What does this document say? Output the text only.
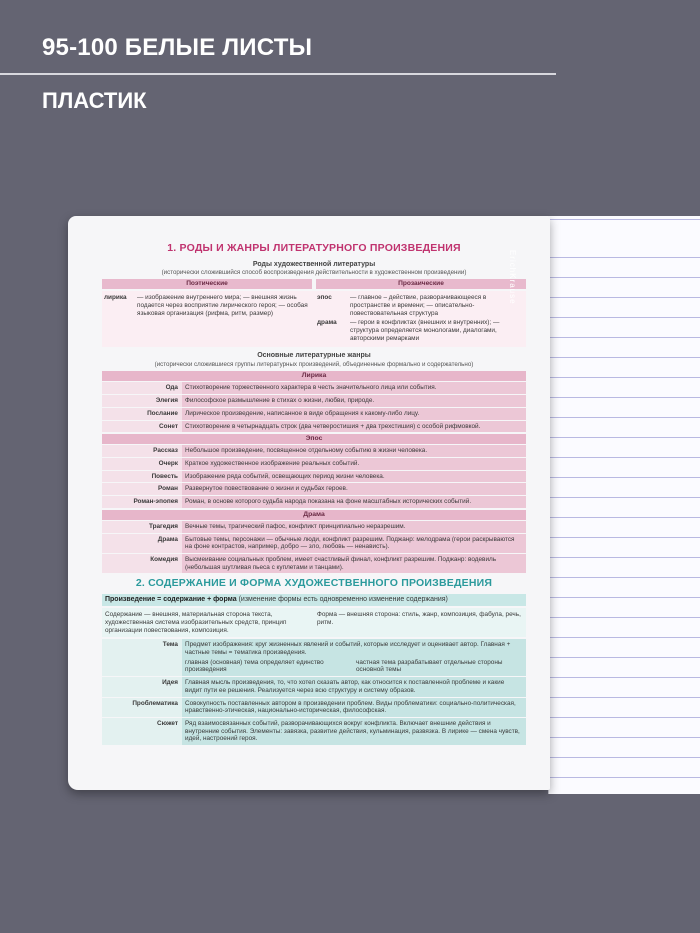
95-100 БЕЛЫЕ ЛИСТЫ
ПЛАСТИК
1. РОДЫ И ЖАНРЫ ЛИТЕРАТУРНОГО ПРОИЗВЕДЕНИЯ
Роды художественной литературы
(исторически сложившийся способ воспроизведения действительности в художественном произведении)
Поэтические	Прозаические
лирика	— изображение внутреннего мира; — внешняя жизнь подается через восприятие лирического героя; — особая языковая организация (рифма, ритм, размер)
эпос	— главное – действие, разворачивающееся в пространстве и времени; — описательно-повествовательная структура
драма	— герои в конфликтах (внешних и внутренних); — структура определяется монологами, диалогами, авторскими ремарками
Основные литературные жанры
(исторически сложившиеся группы литературных произведений, объединенные формально и содержательно)
Лирика
Ода	Стихотворение торжественного характера в честь значительного лица или события.
Элегия	Философское размышление в стихах о жизни, любви, природе.
Послание	Лирическое произведение, написанное в виде обращения к какому-либо лицу.
Сонет	Стихотворение в четырнадцать строк (два четверостишия + два трехстишия) с особой рифмовкой.
Эпос
Рассказ	Небольшое произведение, посвященное отдельному событию в жизни человека.
Очерк	Краткое художественное изображение реальных событий.
Повесть	Изображение ряда событий, освещающих период жизни человека.
Роман	Развернутое повествование о жизни и судьбах героев.
Роман-эпопея	Роман, в основе которого судьба народа показана на фоне масштабных исторических событий.
Драма
Трагедия	Вечные темы, трагический пафос, конфликт принципиально неразрешим.
Драма	Бытовые темы, персонажи — обычные люди, конфликт разрешим. Поджанр: мелодрама (герои раскрываются на фоне контрастов, например, добро — зло, любовь — ненависть).
Комедия	Высмеивание социальных проблем, имеет счастливый финал, конфликт разрешим. Поджанр: водевиль (небольшая шутливая пьеса с куплетами и танцами).
2. СОДЕРЖАНИЕ И ФОРМА ХУДОЖЕСТВЕННОГО ПРОИЗВЕДЕНИЯ
Произведение = содержание + форма (изменение формы есть одновременно изменение содержания)
Содержание — внешняя, материальная сторона текста, художественная система изобразительных средств, принцип организации повествования, композиция.
Форма — внешняя сторона: стиль, жанр, композиция, фабула, речь, ритм.
Тема	Предмет изображения: круг жизненных явлений и событий, которые исследует и оценивает автор. Главная + частные темы = тематика произведения.
главная (основная) тема определяет единство произведения
частная тема разрабатывает отдельные стороны основной темы
Идея	Главная мысль произведения, то, что хотел сказать автор, как относится к поставленной проблеме и какие видит пути ее решения. Реализуется через всю структуру и систему образов.
Проблематика	Совокупность поставленных автором в произведении проблем. Виды проблематики: социально-политическая, нравственно-этическая, национально-историческая, философская.
Сюжет	Ряд взаимосвязанных событий, разворачивающихся вокруг конфликта. Включает внешние действия и внутренние события. Элементы: завязка, развитие действия, кульминация, развязка. В лирике — смена чувств, идей, настроений героя.
ErichKrause
